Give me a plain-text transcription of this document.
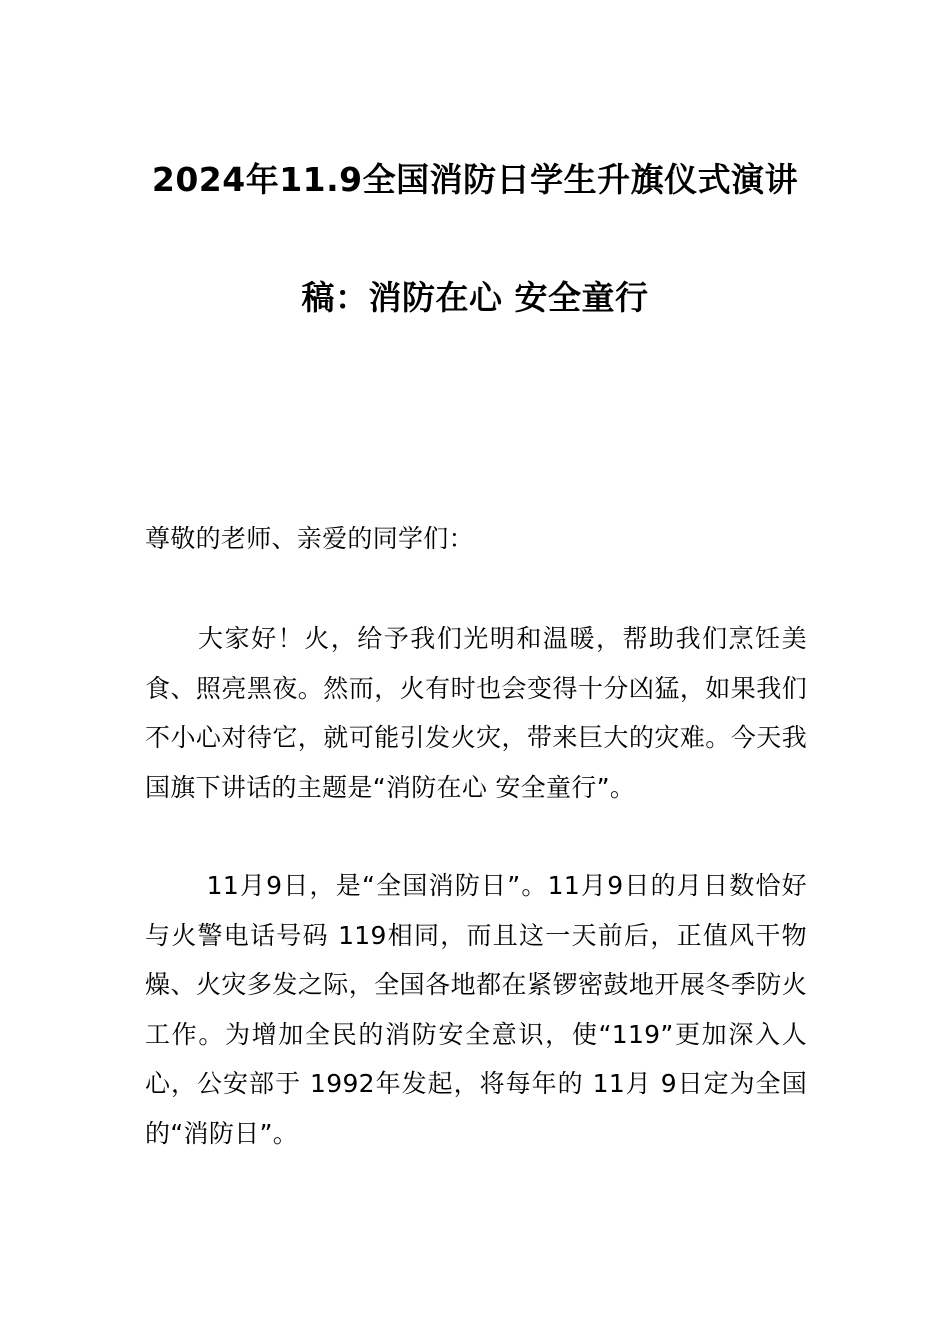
2024年11.9全国消防日学生升旗仪式演讲
稿：消防在心 安全童行
尊敬的老师、亲爱的同学们：
　　大家好！火，给予我们光明和温暖，帮助我们烹饪美食、照亮黑夜。然而，火有时也会变得十分凶猛，如果我们不小心对待它，就可能引发火灾，带来巨大的灾难。今天我国旗下讲话的主题是“消防在心 安全童行”。
　　 11月9日，是“全国消防日”。11月9日的月日数恰好与火警电话号码 119相同，而且这一天前后，正值风干物燥、火灾多发之际，全国各地都在紧锣密鼓地开展冬季防火工作。为增加全民的消防安全意识，使“119”更加深入人心，公安部于 1992年发起，将每年的 11月 9日定为全国的“消防日”。
